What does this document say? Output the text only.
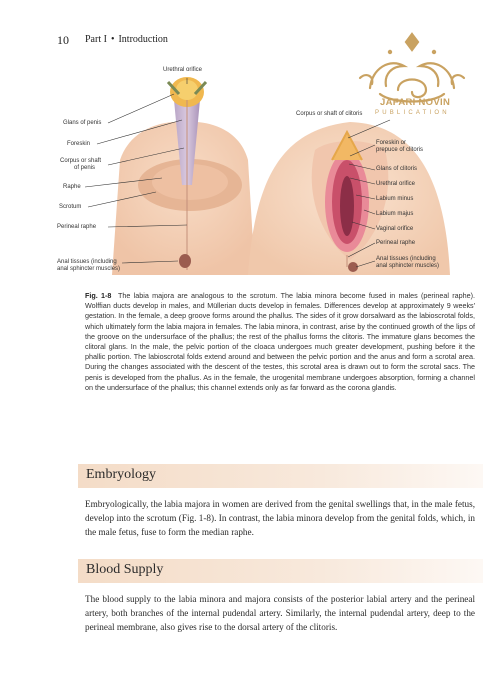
10 Part I • Introduction
JAFARI NOVIN
PUBLICATION
Urethral orifice
Glans of penis
Foreskin
Corpus or shaft
of penis
Raphe
Scrotum
Perineal raphe
Anal tissues (including
anal sphincter muscles)
Corpus or shaft of clitoris
Foreskin or
prepuce of clitoris
Glans of clitoris
Urethral orifice
Labium minus
Labium majus
Vaginal orifice
Perineal raphe
Anal tissues (including
anal sphincter muscles)
Fig. 1-8 The labia majora are analogous to the scrotum. The labia minora become fused in males (perineal raphe). Wolffian ducts develop in males, and Müllerian ducts develop in females. Differences develop at approximately 9 weeks' gestation. In the female, a deep groove forms around the phallus. The sides of it grow dorsalward as the labioscrotal folds, which ultimately form the labia majora in females. The labia minora, in contrast, arise by the continued growth of the lips of the groove on the undersurface of the phallus; the rest of the phallus forms the clitoris. The immature glans becomes the clitoral glans. In the male, the pelvic portion of the cloaca undergoes much greater development, pushing before it the phallic portion. The labioscrotal folds extend around and between the pelvic portion and the anus and form a scrotal area. During the changes associated with the descent of the testes, this scrotal area is drawn out to form the scrotal sacs. The penis is developed from the phallus. As in the female, the urogenital membrane undergoes absorption, forming a channel on the undersurface of the phallus; this channel extends only as far forward as the corona glandis.
Embryology
Embryologically, the labia majora in women are derived from the genital swellings that, in the male fetus, develop into the scrotum (Fig. 1-8). In contrast, the labia minora develop from the genital folds, which, in the male fetus, fuse to form the median raphe.
Blood Supply
The blood supply to the labia minora and majora consists of the posterior labial artery and the perineal artery, both branches of the internal pudendal artery. Similarly, the internal pudendal artery, deep to the perineal membrane, also gives rise to the dorsal artery of the clitoris.
